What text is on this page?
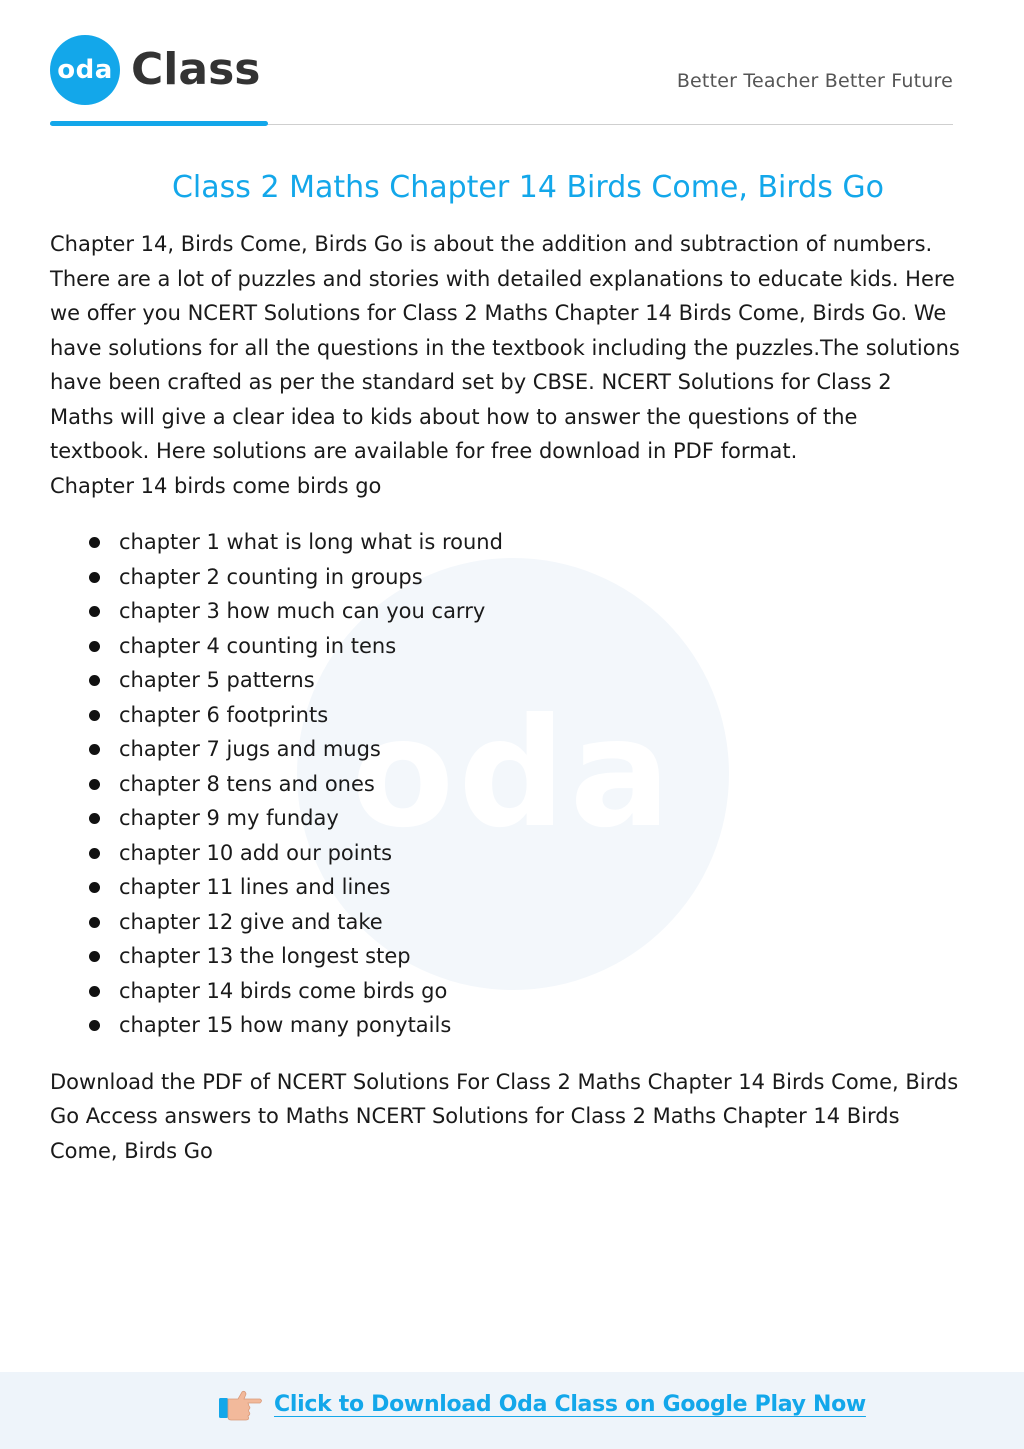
oda Class	Better Teacher Better Future
oda
Class 2 Maths Chapter 14 Birds Come, Birds Go

Chapter 14, Birds Come, Birds Go is about the addition and subtraction of numbers. There are a lot of puzzles and stories with detailed explanations to educate kids. Here we offer you NCERT Solutions for Class 2 Maths Chapter 14 Birds Come, Birds Go. We have solutions for all the questions in the textbook including the puzzles.The solutions have been crafted as per the standard set by CBSE. NCERT Solutions for Class 2 Maths will give a clear idea to kids about how to answer the questions of the textbook. Here solutions are available for free download in PDF format.

Chapter 14 birds come birds go

chapter 1 what is long what is round
chapter 2 counting in groups
chapter 3 how much can you carry
chapter 4 counting in tens
chapter 5 patterns
chapter 6 footprints
chapter 7 jugs and mugs
chapter 8 tens and ones
chapter 9 my funday
chapter 10 add our points
chapter 11 lines and lines
chapter 12 give and take
chapter 13 the longest step
chapter 14 birds come birds go
chapter 15 how many ponytails

Download the PDF of NCERT Solutions For Class 2 Maths Chapter 14 Birds Come, Birds Go Access answers to Maths NCERT Solutions for Class 2 Maths Chapter 14 Birds Come, Birds Go

Click to Download Oda Class on Google Play Now
